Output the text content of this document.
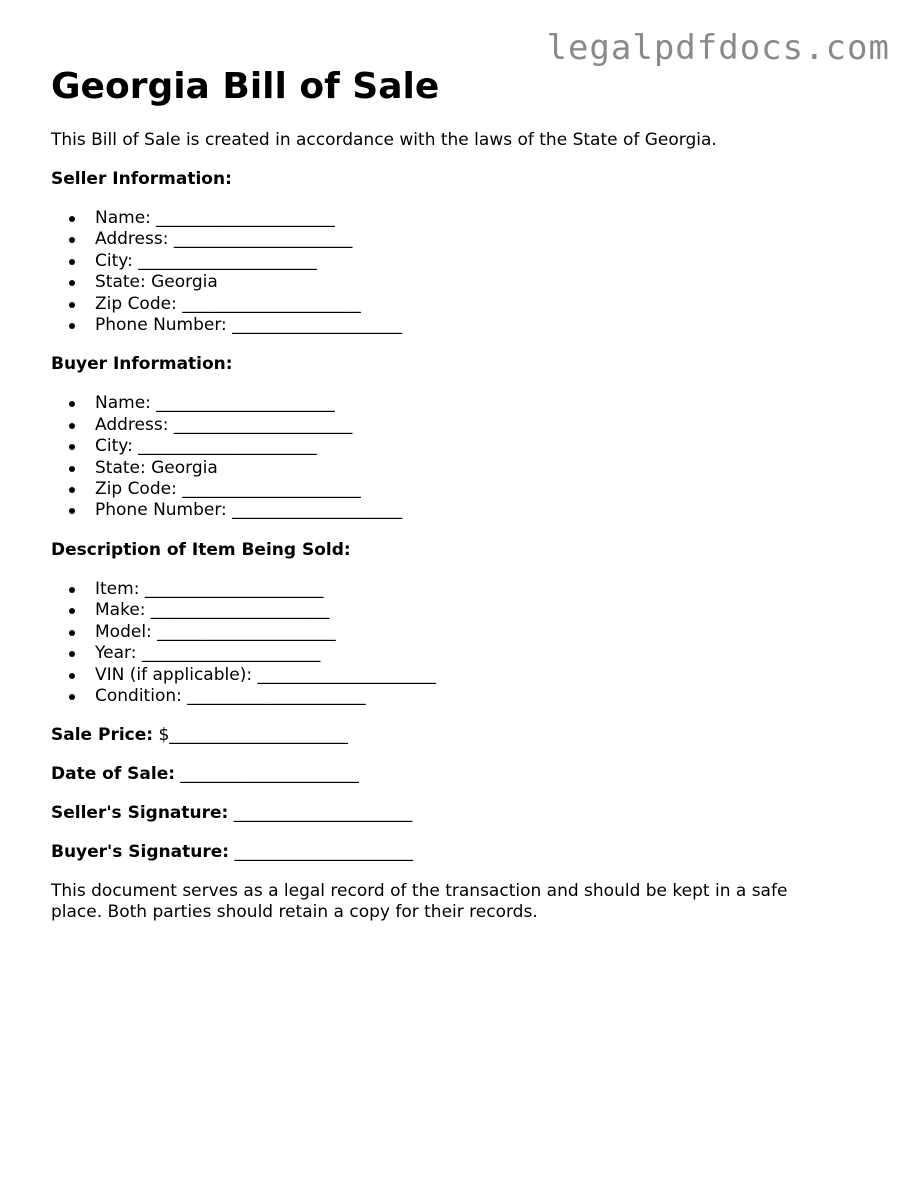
legalpdfdocs.com
Georgia Bill of Sale

This Bill of Sale is created in accordance with the laws of the State of Georgia.

Seller Information:

Name: _____________________
Address: _____________________
City: _____________________
State: Georgia
Zip Code: _____________________
Phone Number: ____________________

Buyer Information:

Name: _____________________
Address: _____________________
City: _____________________
State: Georgia
Zip Code: _____________________
Phone Number: ____________________

Description of Item Being Sold:

Item: _____________________
Make: _____________________
Model: _____________________
Year: _____________________
VIN (if applicable): _____________________
Condition: _____________________

Sale Price: $_____________________

Date of Sale: _____________________

Seller's Signature: _____________________

Buyer's Signature: _____________________

This document serves as a legal record of the transaction and should be kept in a safe place. Both parties should retain a copy for their records.
